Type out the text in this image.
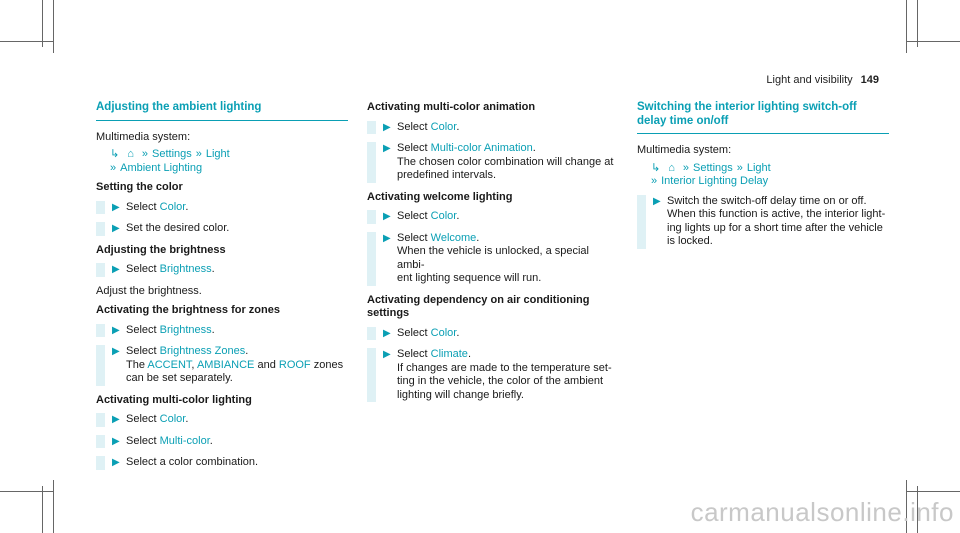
Light and visibility 149
Adjusting the ambient lighting
Multimedia system:
↳ ⌂ » Settings » Light
» Ambient Lighting
Setting the color
▶ Select Color.
▶ Set the desired color.
Adjusting the brightness
▶ Select Brightness.
Adjust the brightness.
Activating the brightness for zones
▶ Select Brightness.
▶ Select Brightness Zones.
The ACCENT, AMBIANCE and ROOF zones
can be set separately.
Activating multi-color lighting
▶ Select Color.
▶ Select Multi-color.
▶ Select a color combination.
Activating multi-color animation
▶ Select Color.
▶ Select Multi-color Animation.
The chosen color combination will change at
predefined intervals.
Activating welcome lighting
▶ Select Color.
▶ Select Welcome.
When the vehicle is unlocked, a special ambi-
ent lighting sequence will run.
Activating dependency on air conditioning
settings
▶ Select Color.
▶ Select Climate.
If changes are made to the temperature set-
ting in the vehicle, the color of the ambient
lighting will change briefly.
Switching the interior lighting switch-off
delay time on/off
Multimedia system:
↳ ⌂ » Settings » Light
» Interior Lighting Delay
▶ Switch the switch-off delay time on or off.
When this function is active, the interior light-
ing lights up for a short time after the vehicle
is locked.
carmanualsonline.info
